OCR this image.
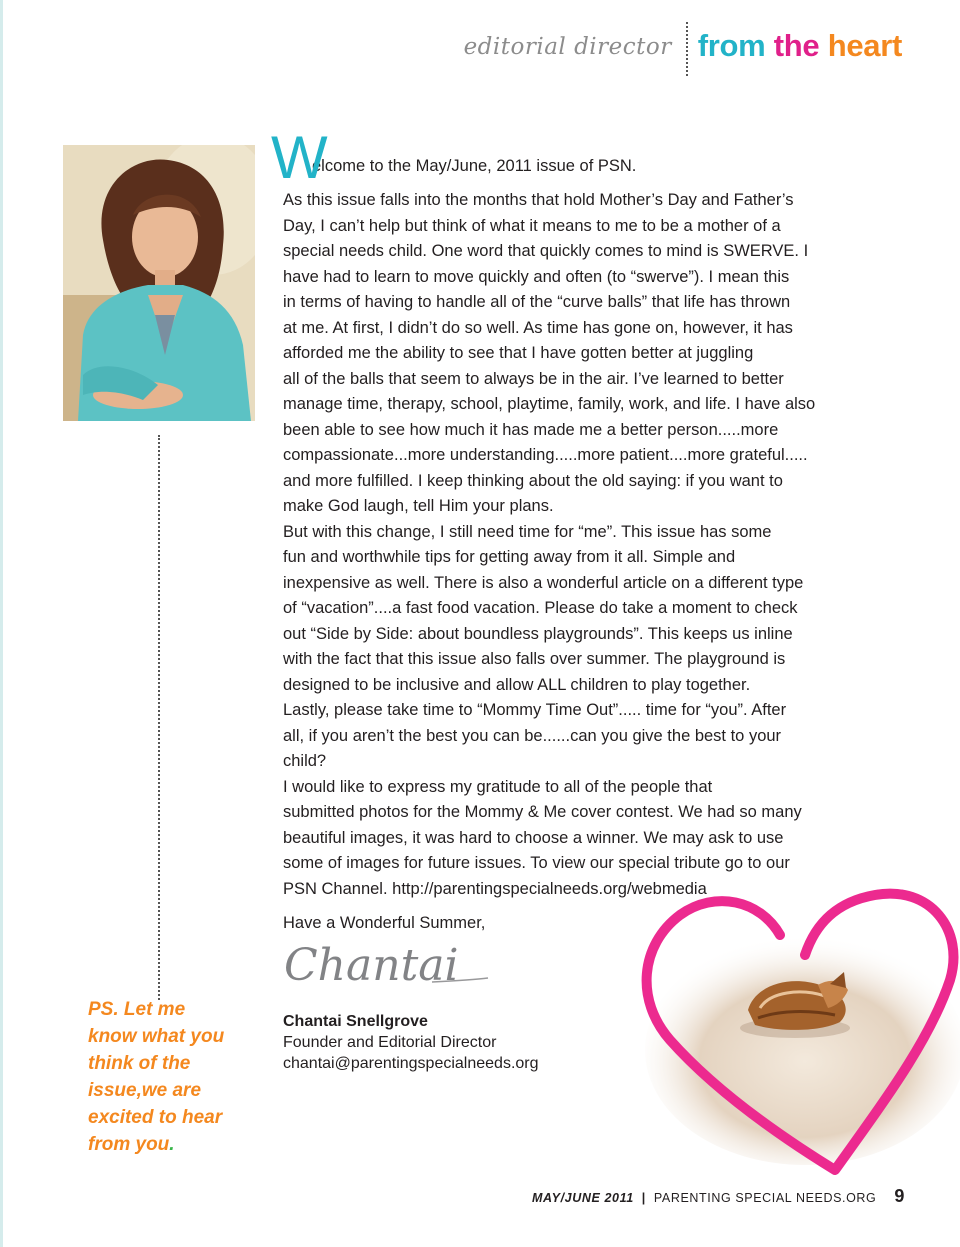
editorial director from the heart

PS. Let me
know what you
think of the
issue,we are
excited to hear
from you.

W

elcome to the May/June, 2011 issue of PSN.

As this issue falls into the months that hold Mother’s Day and Father’s
Day, I can’t help but think of what it means to me to be a mother of a
special needs child. One word that quickly comes to mind is SWERVE. I
have had to learn to move quickly and often (to “swerve”). I mean this
in terms of having to handle all of the “curve balls” that life has thrown
at me. At first, I didn’t do so well. As time has gone on, however, it has
afforded me the ability to see that I have gotten better at juggling
all of the balls that seem to always be in the air. I’ve learned to better
manage time, therapy, school, playtime, family, work, and life. I have also
been able to see how much it has made me a better person.....more
compassionate...more understanding.....more patient....more grateful.....
and more fulfilled. I keep thinking about the old saying: if you want to
make God laugh, tell Him your plans.
But with this change, I still need time for “me”. This issue has some
fun and worthwhile tips for getting away from it all. Simple and
inexpensive as well. There is also a wonderful article on a different type
of “vacation”....a fast food vacation. Please do take a moment to check
out “Side by Side: about boundless playgrounds”. This keeps us inline
with the fact that this issue also falls over summer. The playground is
designed to be inclusive and allow ALL children to play together.
Lastly, please take time to “Mommy Time Out”..... time for “you”. After
all, if you aren’t the best you can be......can you give the best to your
child?
I would like to express my gratitude to all of the people that
submitted photos for the Mommy & Me cover contest. We had so many
beautiful images, it was hard to choose a winner. We may ask to use
some of images for future issues. To view our special tribute go to our
PSN Channel. http://parentingspecialneeds.org/webmedia

Have a Wonderful Summer,

Chantai

Chantai Snellgrove

Founder and Editorial Director

chantai@parentingspecialneeds.org

MAY/JUNE 2011 | PARENTING SPECIAL NEEDS.ORG 9
